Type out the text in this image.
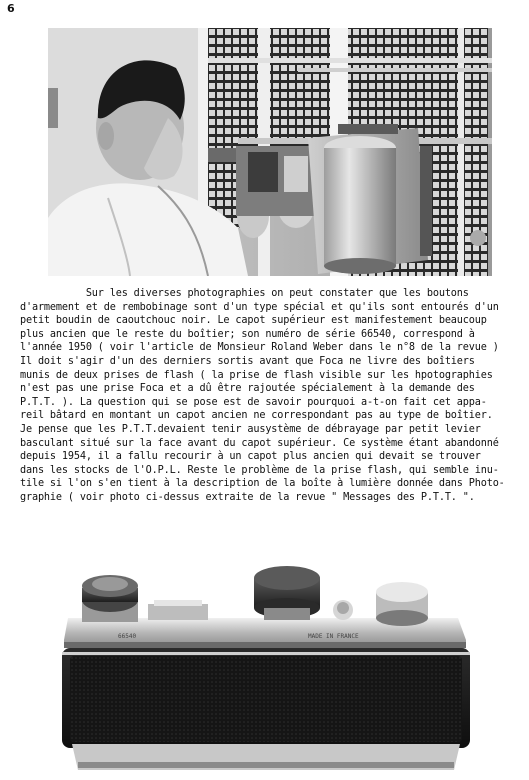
6
Sur les diverses photographies on peut constater que les boutons
d'armement et de rembobinage sont d'un type spécial et qu'ils sont entourés d'un
petit boudin de caoutchouc noir. Le capot supérieur est manifestement beaucoup
plus ancien que le reste du boîtier; son numéro de série 66540, correspond à
l'année 1950 ( voir l'article de Monsieur Roland Weber dans le n°8 de la revue )
Il doit s'agir d'un des derniers sortis avant que Foca ne livre des boîtiers
munis de deux prises de flash ( la prise de flash visible sur les hpotographies
n'est pas une prise Foca et a dû être rajoutée spécialement à la demande des
P.T.T. ). La question qui se pose est de savoir pourquoi a-t-on fait cet appa-
reil bâtard en montant un capot ancien ne correspondant pas au type de boîtier.
Je pense que les P.T.T.devaient tenir ausystème de débrayage par petit levier
basculant situé sur la face avant du capot supérieur. Ce système étant abandonné
depuis 1954, il a fallu recourir à un capot plus ancien qui devait se trouver
dans les stocks de l'O.P.L. Reste le problème de la prise flash, qui semble inu-
tile si l'on s'en tient à la description de la boîte à lumière donnée dans Photo-
graphie ( voir photo ci-dessus extraite de la revue " Messages des P.T.T. ".
66540	MADE IN FRANCE
